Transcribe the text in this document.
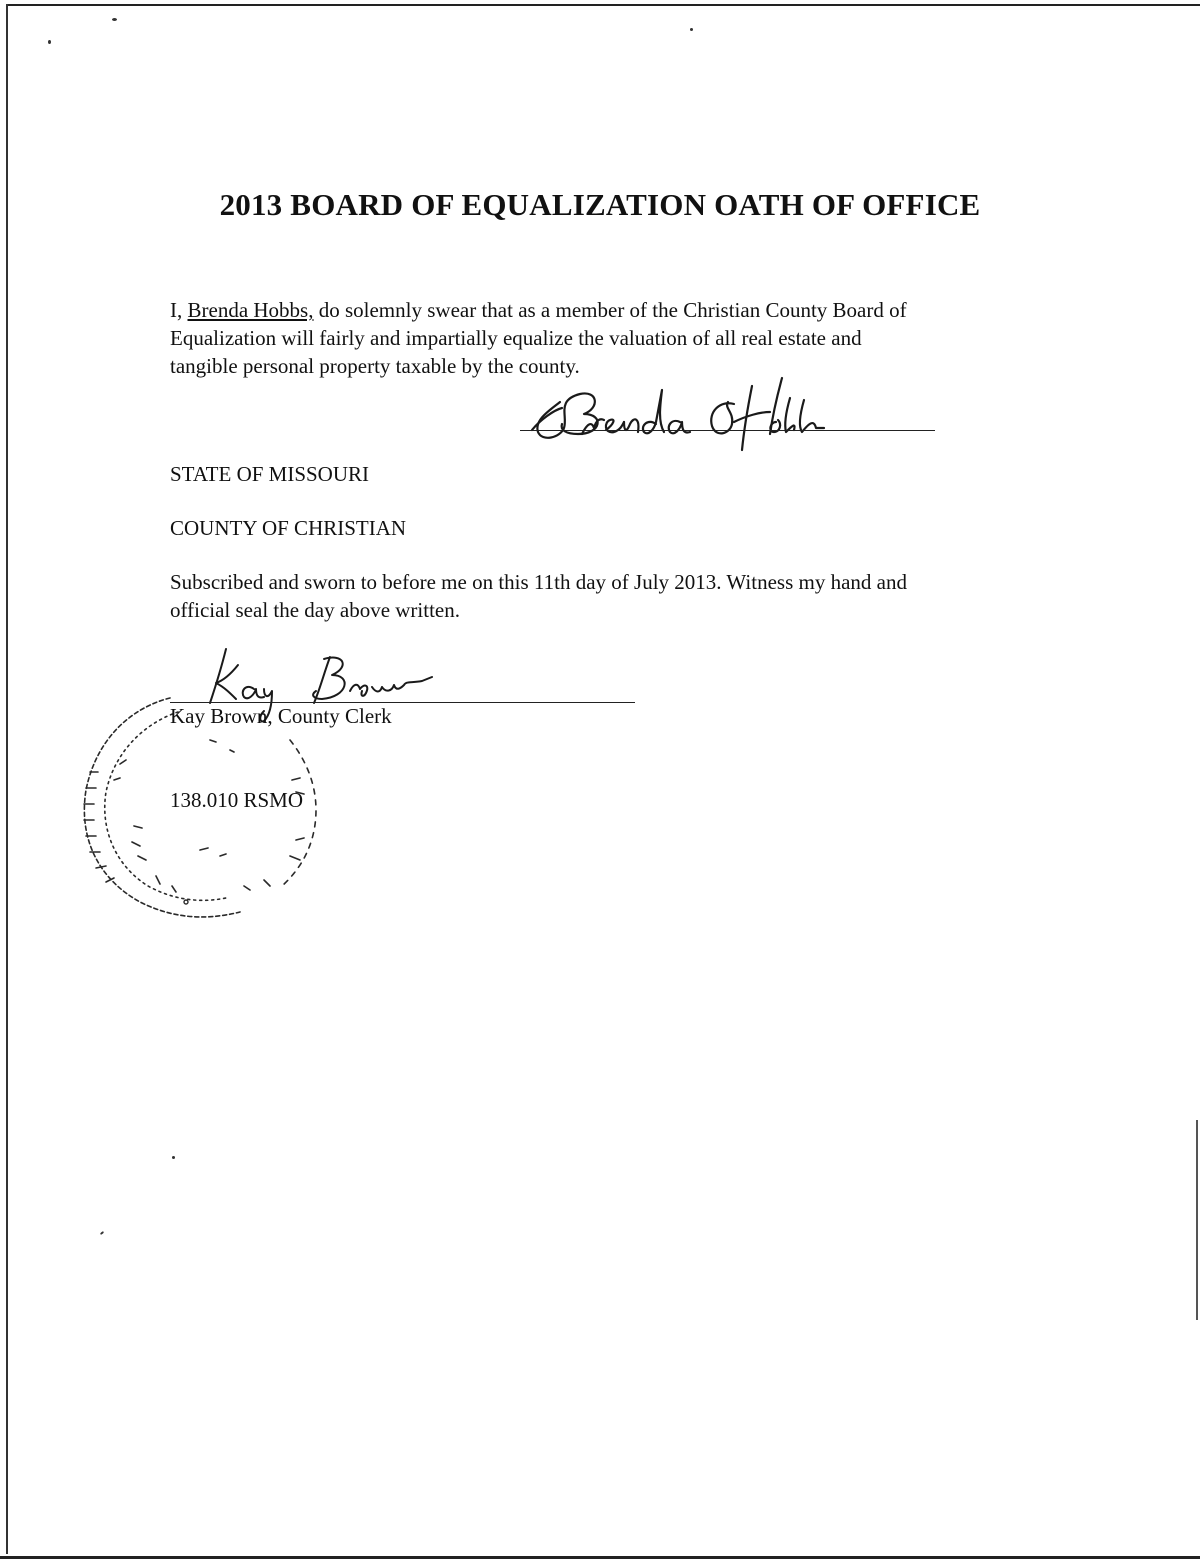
2013 BOARD OF EQUALIZATION OATH OF OFFICE
I, Brenda Hobbs, do solemnly swear that as a member of the Christian County Board of
Equalization will fairly and impartially equalize the valuation of all real estate and
tangible personal property taxable by the county.
STATE OF MISSOURI
COUNTY OF CHRISTIAN
Subscribed and sworn to before me on this 11th day of July 2013. Witness my hand and
official seal the day above written.
Kay Brown, County Clerk
138.010 RSMO
